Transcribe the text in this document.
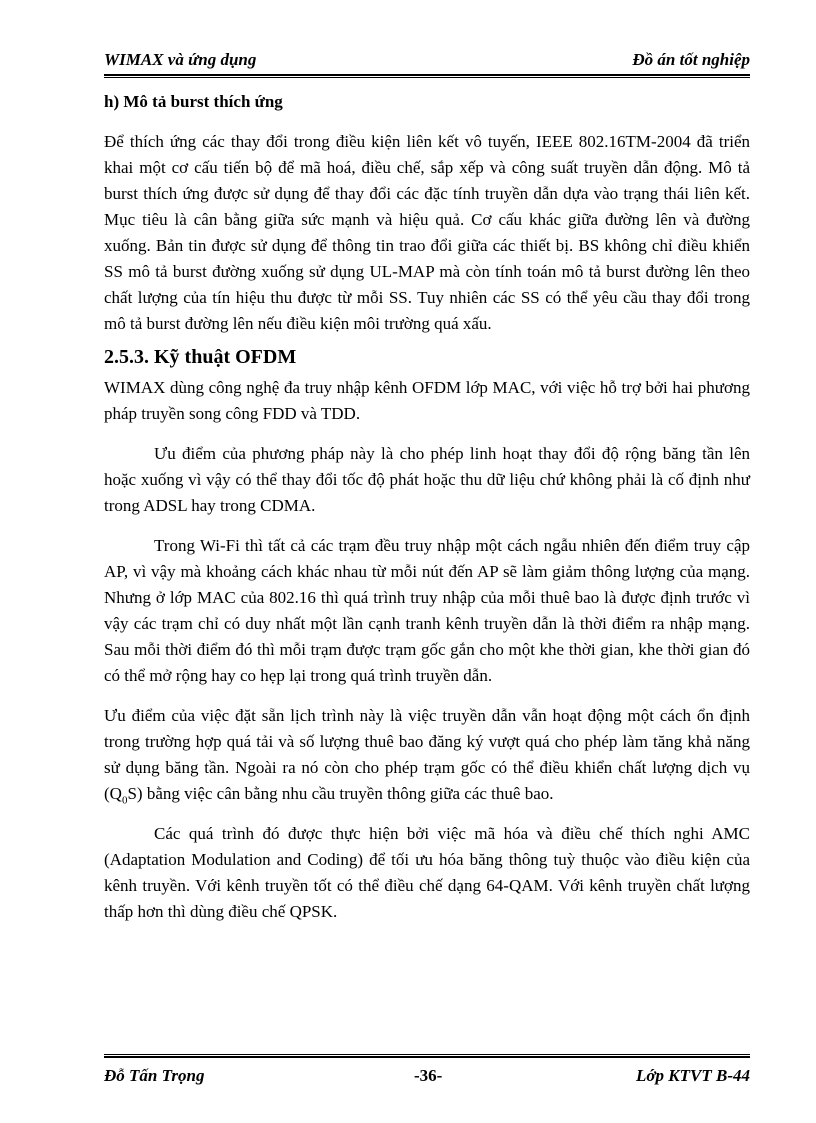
WIMAX và ứng dụng	Đồ án tốt nghiệp

h) Mô tả burst thích ứng

Để thích ứng các thay đổi trong điều kiện liên kết vô tuyến, IEEE 802.16TM-2004 đã triển khai một cơ cấu tiến bộ để mã hoá, điều chế, sắp xếp và công suất truyền dẫn động. Mô tả burst thích ứng được sử dụng để thay đổi các đặc tính truyền dẫn dựa vào trạng thái liên kết. Mục tiêu là cân bằng giữa sức mạnh và hiệu quả. Cơ cấu khác giữa đường lên và đường xuống. Bản tin được sử dụng để thông tin trao đổi giữa các thiết bị. BS không chỉ điều khiển SS mô tả burst đường xuống sử dụng UL-MAP mà còn tính toán mô tả burst đường lên theo chất lượng của tín hiệu thu được từ mỗi SS. Tuy nhiên các SS có thể yêu cầu thay đổi trong mô tả burst đường lên nếu điều kiện môi trường quá xấu.

2.5.3. Kỹ thuật OFDM

WIMAX dùng công nghệ đa truy nhập kênh OFDM lớp MAC, với việc hỗ trợ bởi hai phương pháp truyền song công FDD và TDD.

Ưu điểm của phương pháp này là cho phép linh hoạt thay đổi độ rộng băng tần lên hoặc xuống vì vậy có thể thay đổi tốc độ phát hoặc thu dữ liệu chứ không phải là cố định như trong ADSL hay trong CDMA.

Trong Wi-Fi thì tất cả các trạm đều truy nhập một cách ngẫu nhiên đến điểm truy cập AP, vì vậy mà khoảng cách khác nhau từ mỗi nút đến AP sẽ làm giảm thông lượng của mạng. Nhưng ở lớp MAC của 802.16 thì quá trình truy nhập của mỗi thuê bao là được định trước vì vậy các trạm chỉ có duy nhất một lần cạnh tranh kênh truyền dẫn là thời điểm ra nhập mạng. Sau mỗi thời điểm đó thì mỗi trạm được trạm gốc gắn cho một khe thời gian, khe thời gian đó có thể mở rộng hay co hẹp lại trong quá trình truyền dẫn.

Ưu điểm của việc đặt sẵn lịch trình này là việc truyền dẫn vẫn hoạt động một cách ổn định trong trường hợp quá tải và số lượng thuê bao đăng ký vượt quá cho phép làm tăng khả năng sử dụng băng tần. Ngoài ra nó còn cho phép trạm gốc có thể điều khiển chất lượng dịch vụ $(Q_0S)$ bằng việc cân bằng nhu cầu truyền thông giữa các thuê bao.

Các quá trình đó được thực hiện bởi việc mã hóa và điều chế thích nghi AMC (Adaptation Modulation and Coding) để tối ưu hóa băng thông tuỳ thuộc vào điều kiện của kênh truyền. Với kênh truyền tốt có thể điều chế dạng 64-QAM. Với kênh truyền chất lượng thấp hơn thì dùng điều chế QPSK.

Đỗ Tấn Trọng	-36-	Lớp KTVT B-44
